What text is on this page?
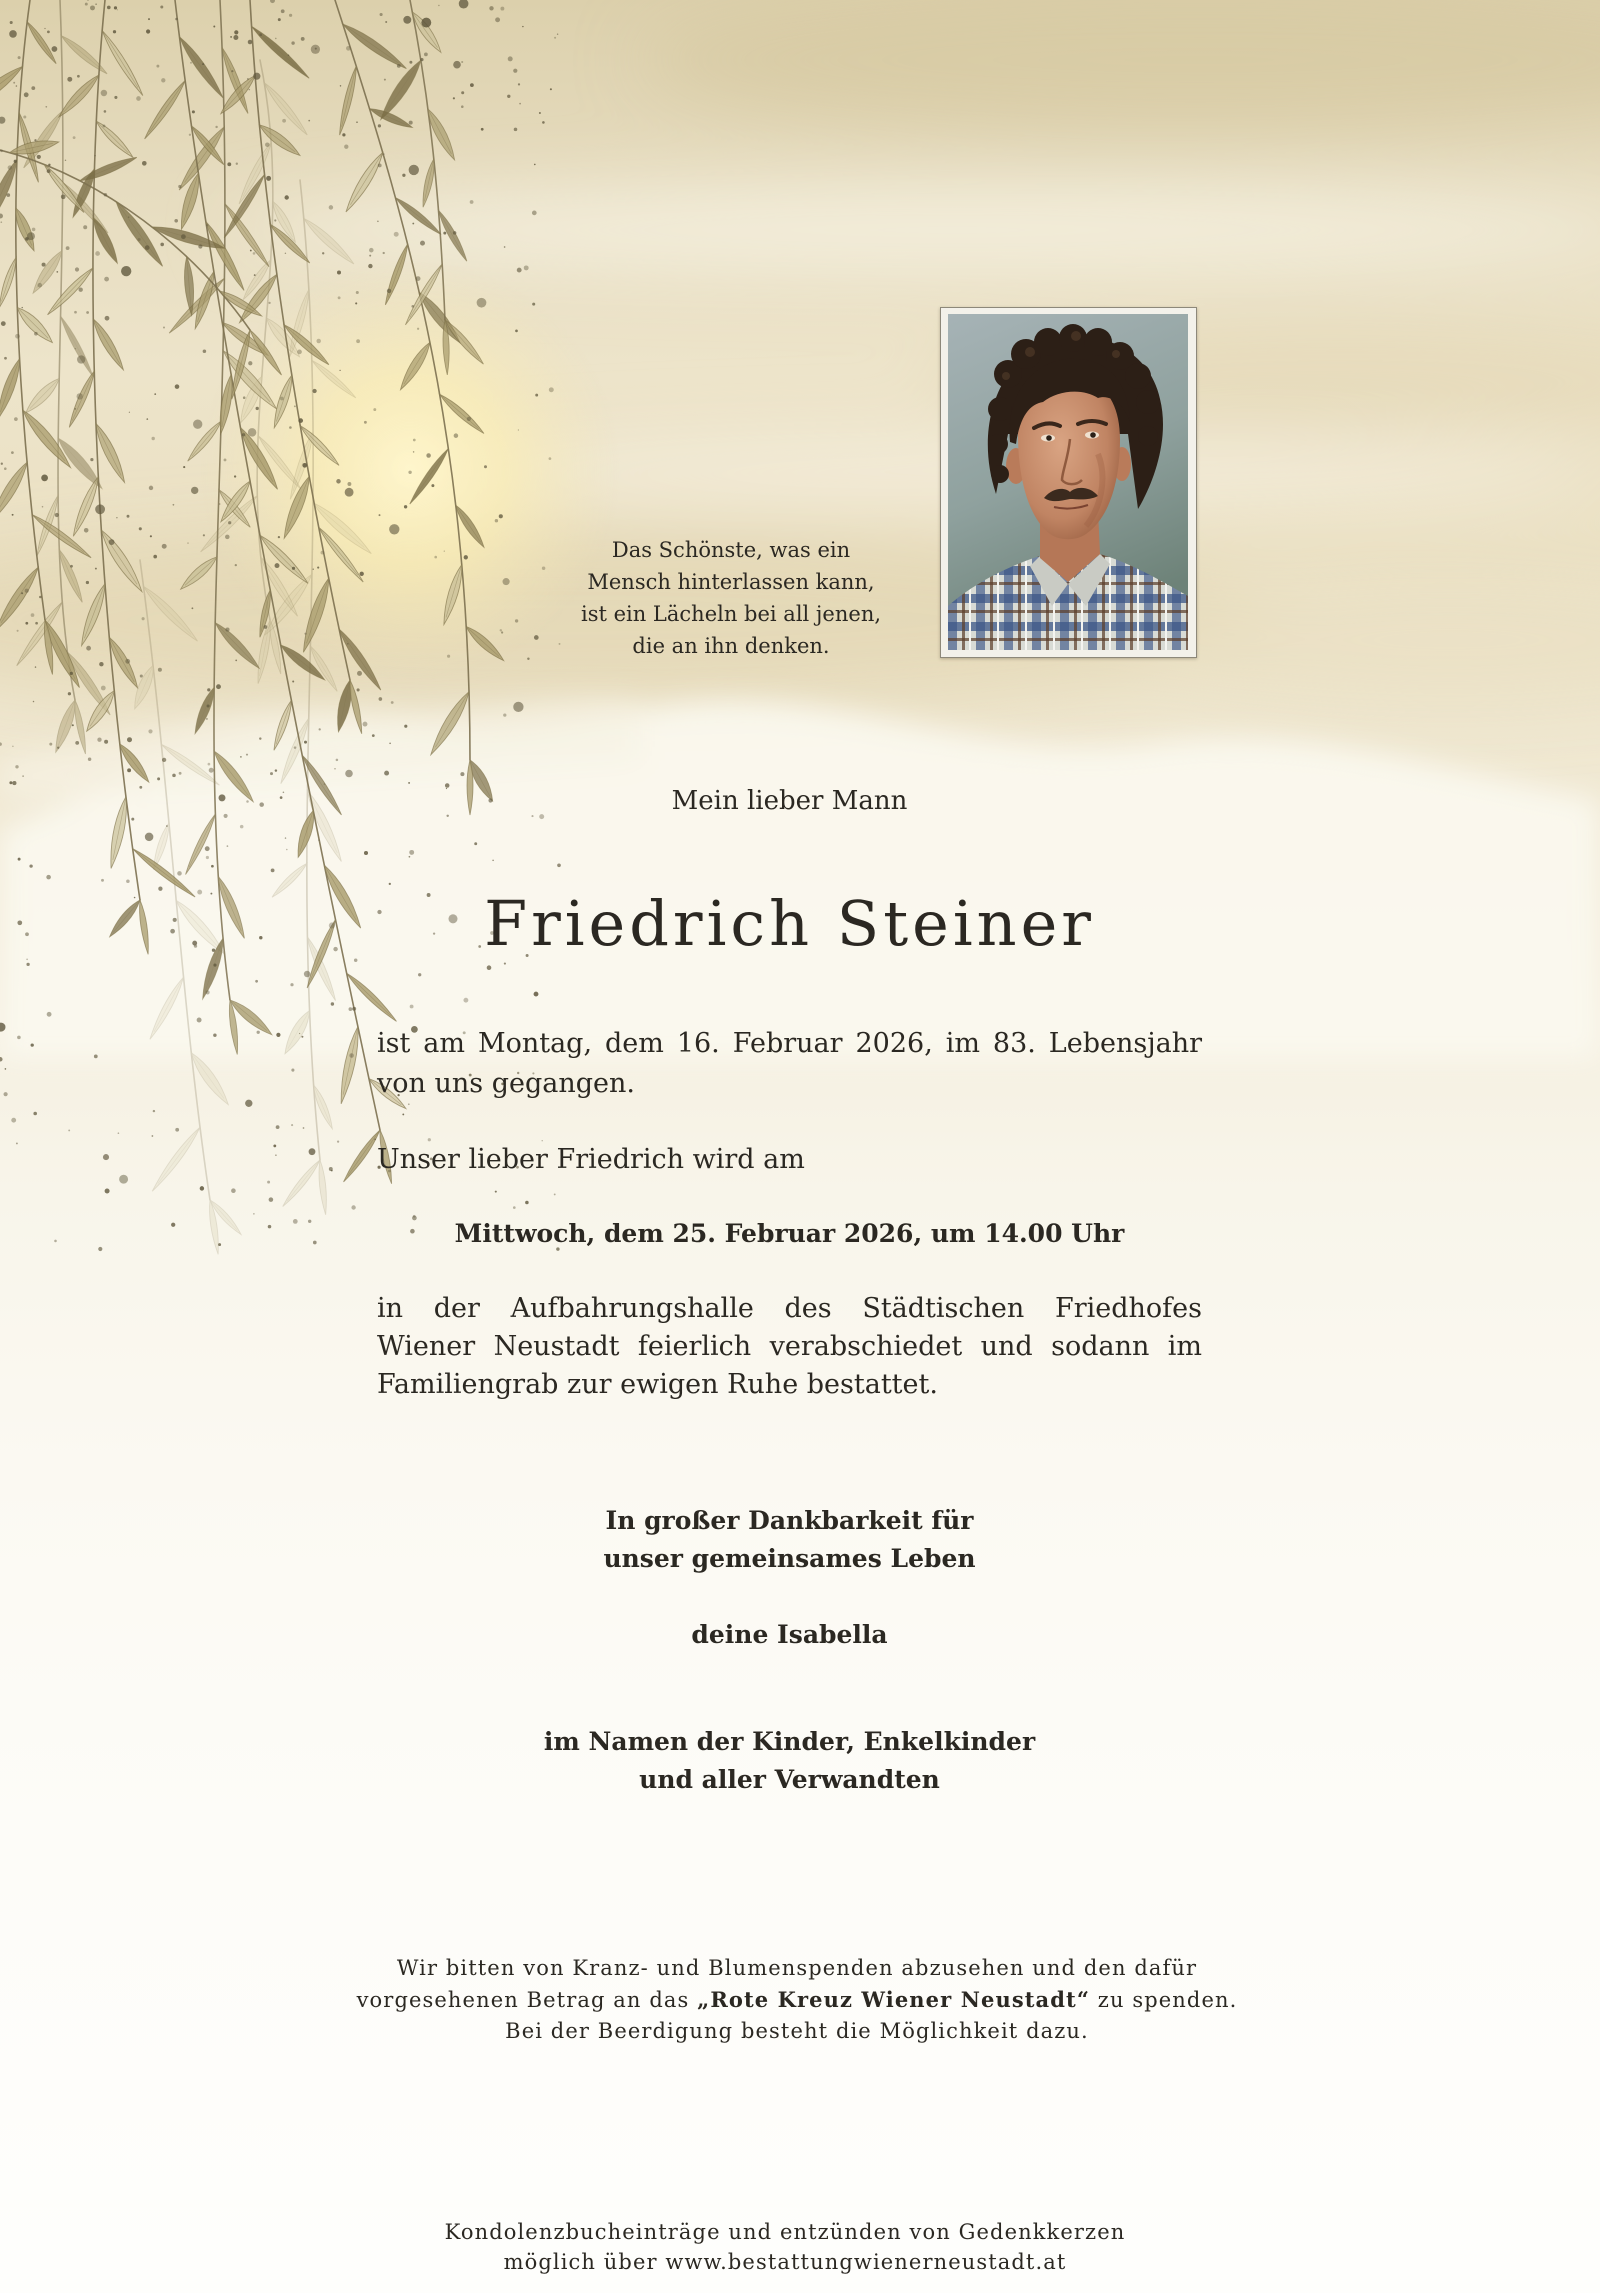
Das Schönste, was ein
Mensch hinterlassen kann,
ist ein Lächeln bei all jenen,
die an ihn denken.
Mein lieber Mann
Friedrich Steiner
ist am Montag, dem 16. Februar 2026, im 83. Lebensjahr
von uns gegangen.
Unser lieber Friedrich wird am
Mittwoch, dem 25. Februar 2026, um 14.00 Uhr
in der Aufbahrungshalle des Städtischen Friedhofes
Wiener Neustadt feierlich verabschiedet und sodann im
Familiengrab zur ewigen Ruhe bestattet.
In großer Dankbarkeit für
unser gemeinsames Leben
deine Isabella
im Namen der Kinder, Enkelkinder
und aller Verwandten
Wir bitten von Kranz- und Blumenspenden abzusehen und den dafür
vorgesehenen Betrag an das „Rote Kreuz Wiener Neustadt“ zu spenden.
Bei der Beerdigung besteht die Möglichkeit dazu.
Kondolenzbucheinträge und entzünden von Gedenkkerzen
möglich über www.bestattungwienerneustadt.at
